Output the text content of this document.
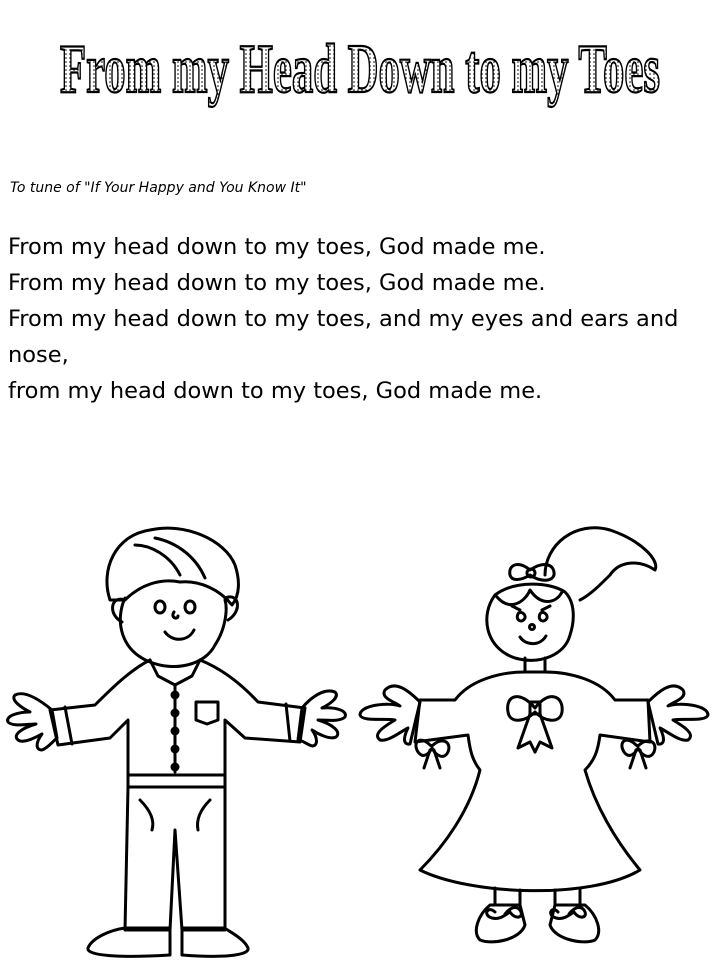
From my Head Down to my Toes
To tune of "If Your Happy and You Know It"
From my head down to my toes, God made me.
From my head down to my toes, God made me.
From my head down to my toes, and my eyes and ears and nose,
from my head down to my toes, God made me.
